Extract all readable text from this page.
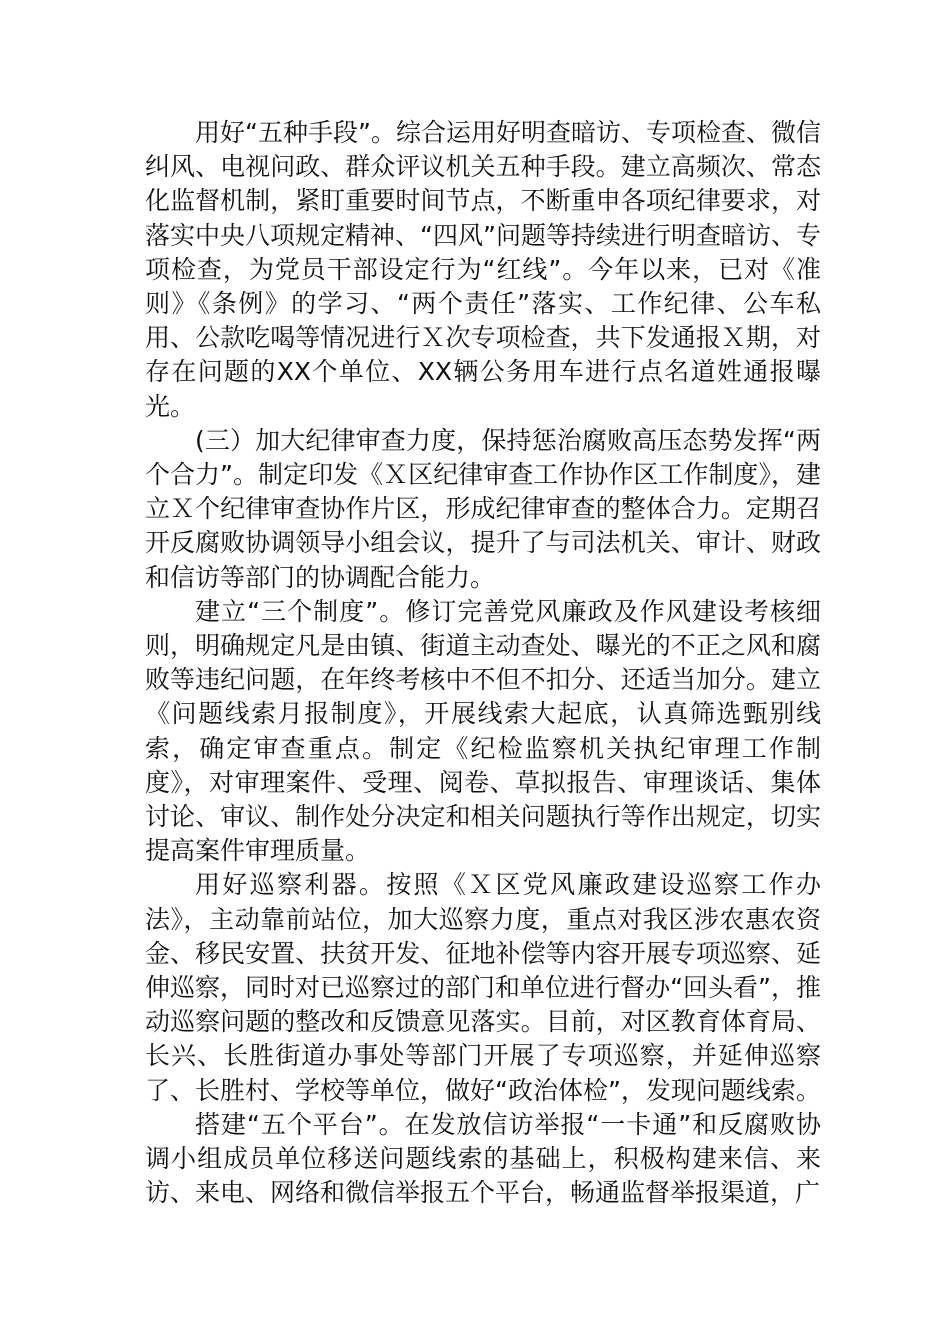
用好“五种手段”。综合运用好明查暗访、专项检查、微信纠风、电视问政、群众评议机关五种手段。建立高频次、常态化监督机制，紧盯重要时间节点，不断重申各项纪律要求，对落实中央八项规定精神、“四风”问题等持续进行明查暗访、专项检查，为党员干部设定行为“红线”。今年以来，已对《准则》《条例》的学习、“两个责任”落实、工作纪律、公车私用、公款吃喝等情况进行Ｘ次专项检查，共下发通报Ｘ期，对存在问题的XX个单位、XX辆公务用车进行点名道姓通报曝光。

(三）加大纪律审查力度，保持惩治腐败高压态势发挥“两个合力”。制定印发《Ｘ区纪律审查工作协作区工作制度》，建立Ｘ个纪律审查协作片区，形成纪律审查的整体合力。定期召开反腐败协调领导小组会议，提升了与司法机关、审计、财政和信访等部门的协调配合能力。

建立“三个制度”。修订完善党风廉政及作风建设考核细则，明确规定凡是由镇、街道主动查处、曝光的不正之风和腐败等违纪问题，在年终考核中不但不扣分、还适当加分。建立《问题线索月报制度》，开展线索大起底，认真筛选甄别线索，确定审查重点。制定《纪检监察机关执纪审理工作制度》，对审理案件、受理、阅卷、草拟报告、审理谈话、集体讨论、审议、制作处分决定和相关问题执行等作出规定，切实提高案件审理质量。

用好巡察利器。按照《Ｘ区党风廉政建设巡察工作办法》，主动靠前站位，加大巡察力度，重点对我区涉农惠农资金、移民安置、扶贫开发、征地补偿等内容开展专项巡察、延伸巡察，同时对已巡察过的部门和单位进行督办“回头看”，推动巡察问题的整改和反馈意见落实。目前，对区教育体育局、长兴、长胜街道办事处等部门开展了专项巡察，并延伸巡察了、长胜村、学校等单位，做好“政治体检”，发现问题线索。

搭建“五个平台”。在发放信访举报“一卡通”和反腐败协调小组成员单位移送问题线索的基础上，积极构建来信、来访、来电、网络和微信举报五个平台，畅通监督举报渠道，广
